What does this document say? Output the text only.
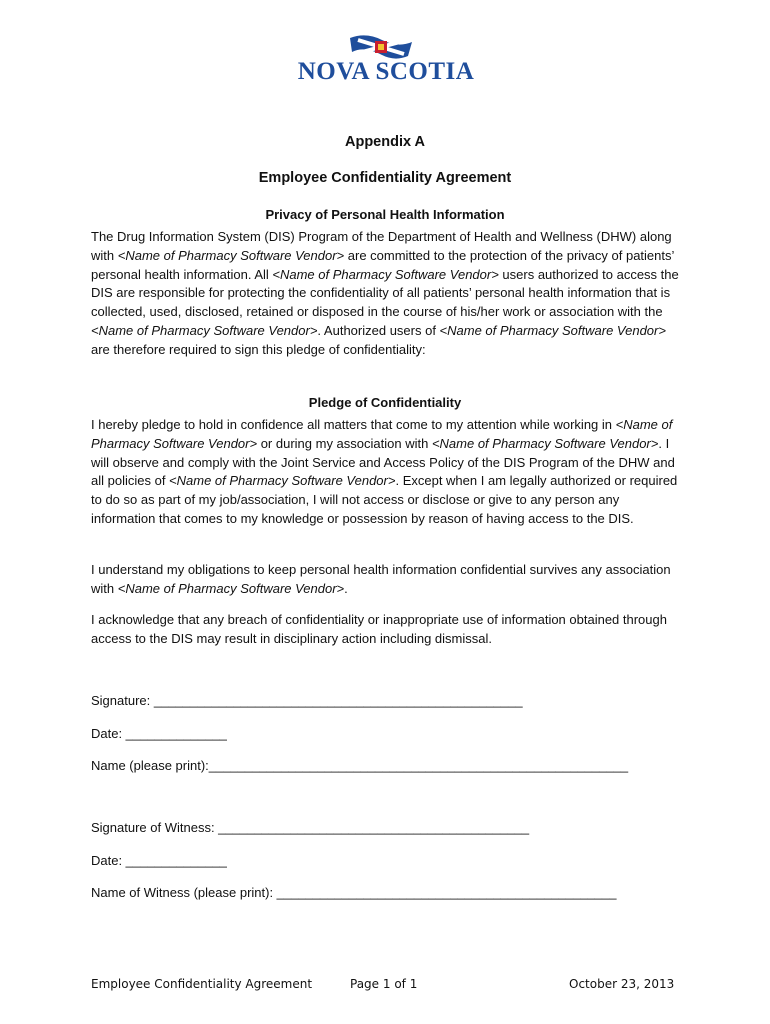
NOVA SCOTIA
Appendix A
Employee Confidentiality Agreement
Privacy of Personal Health Information
The Drug Information System (DIS) Program of the Department of Health and Wellness (DHW) along with <Name of Pharmacy Software Vendor> are committed to the protection of the privacy of patients’ personal health information. All <Name of Pharmacy Software Vendor> users authorized to access the DIS are responsible for protecting the confidentiality of all patients’ personal health information that is collected, used, disclosed, retained or disposed in the course of his/her work or association with the <Name of Pharmacy Software Vendor>. Authorized users of <Name of Pharmacy Software Vendor> are therefore required to sign this pledge of confidentiality:
Pledge of Confidentiality
I hereby pledge to hold in confidence all matters that come to my attention while working in <Name of Pharmacy Software Vendor> or during my association with <Name of Pharmacy Software Vendor>. I will observe and comply with the Joint Service and Access Policy of the DIS Program of the DHW and all policies of <Name of Pharmacy Software Vendor>. Except when I am legally authorized or required to do so as part of my job/association, I will not access or disclose or give to any person any information that comes to my knowledge or possession by reason of having access to the DIS.
I understand my obligations to keep personal health information confidential survives any association with <Name of Pharmacy Software Vendor>.
I acknowledge that any breach of confidentiality or inappropriate use of information obtained through access to the DIS may result in disciplinary action including dismissal.
Signature: ___________________________________________________
Date: ______________
Name (please print):__________________________________________________________
Signature of Witness: ___________________________________________
Date: ______________
Name of Witness (please print): _______________________________________________
Employee Confidentiality Agreement	Page 1 of 1	October 23, 2013
